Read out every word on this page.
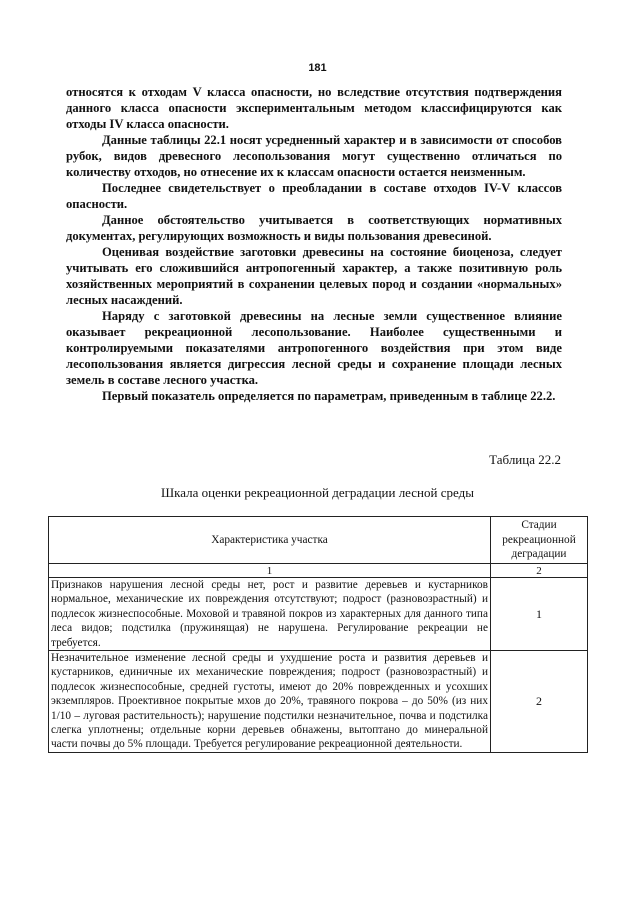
181

относятся к отходам V класса опасности, но вследствие отсутствия подтверждения данного класса опасности экспериментальным методом классифицируются как отходы IV класса опасности.

Данные таблицы 22.1 носят усредненный характер и в зависимости от способов рубок, видов древесного лесопользования могут существенно отличаться по количеству отходов, но отнесение их к классам опасности остается неизменным.

Последнее свидетельствует о преобладании в составе отходов IV-V классов опасности.

Данное обстоятельство учитывается в соответствующих нормативных документах, регулирующих возможность и виды пользования древесиной.

Оценивая воздействие заготовки древесины на состояние биоценоза, следует учитывать его сложившийся антропогенный характер, а также позитивную роль хозяйственных мероприятий в сохранении целевых пород и создании «нормальных» лесных насаждений.

Наряду с заготовкой древесины на лесные земли существенное влияние оказывает рекреационной лесопользование. Наиболее существенными и контролируемыми показателями антропогенного воздействия при этом виде лесопользования является дигрессия лесной среды и сохранение площади лесных земель в составе лесного участка.

Первый показатель определяется по параметрам, приведенным в таблице 22.2.

Таблица 22.2
Шкала оценки рекреационной деградации лесной среды
Характеристика участка	Стадии рекреационной деградации
1	2
Признаков нарушения лесной среды нет, рост и развитие деревьев и кустарников нормальное, механические их повреждения отсутствуют; подрост (разновозрастный) и подлесок жизнеспособные. Моховой и травяной покров из характерных для данного типа леса видов; подстилка (пружинящая) не нарушена. Регулирование рекреации не требуется.	1
Незначительное изменение лесной среды и ухудшение роста и развития деревьев и кустарников, единичные их механические повреждения; подрост (разновозрастный) и подлесок жизнеспособные, средней густоты, имеют до 20% поврежденных и усохших экземпляров. Проективное покрытые мхов до 20%, травяного покрова – до 50% (из них 1/10 – луговая растительность); нарушение подстилки незначительное, почва и подстилка слегка уплотнены; отдельные корни деревьев обнажены, вытоптано до минеральной части почвы до 5% площади. Требуется регулирование рекреационной деятельности.	2
